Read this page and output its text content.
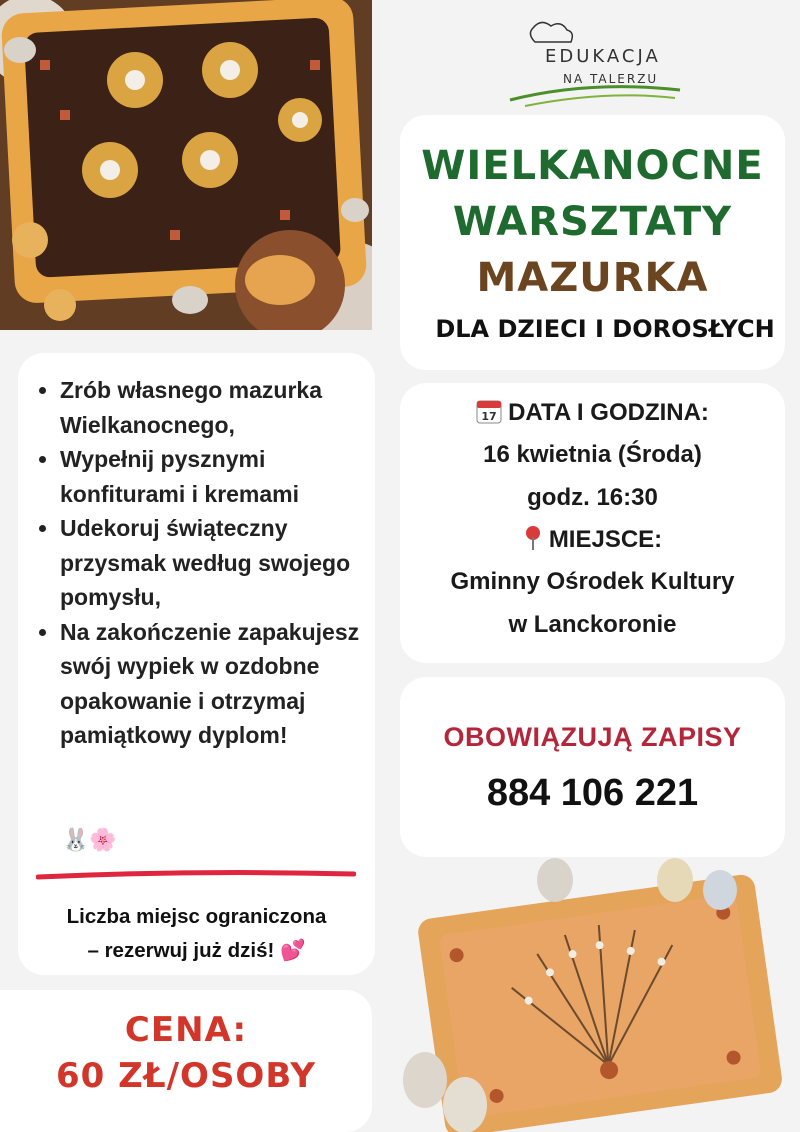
EDUKACJA
NA TALERZU
WIELKANOCNE
WARSZTATY
MAZURKA
DLA DZIECI I DOROSŁYCH
17 DATA I GODZINA:
16 kwietnia (Środa)
godz. 16:30
MIEJSCE:
Gminny Ośrodek Kultury
w Lanckoronie
OBOWIĄZUJĄ ZAPISY
884 106 221
• Zrób własnego mazurka Wielkanocnego,
• Wypełnij pysznymi konfiturami i kremami
• Udekoruj świąteczny przysmak według swojego pomysłu,
• Na zakończenie zapakujesz swój wypiek w ozdobne opakowanie i otrzymaj pamiątkowy dyplom!
🐰🌸
Liczba miejsc ograniczona
– rezerwuj już dziś! 💕
CENA:
60 ZŁ/OSOBY
